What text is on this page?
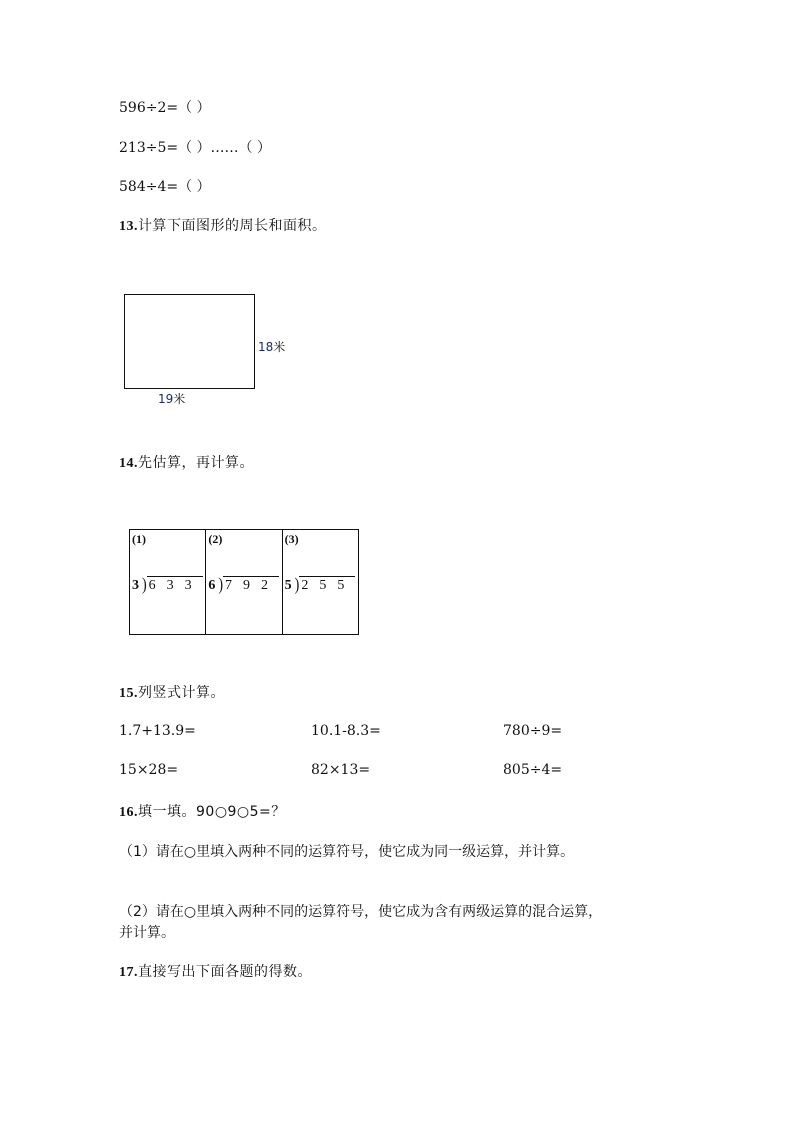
596÷2=（ ）
213÷5=（ ）……（ ）
584÷4=（ ）
13.计算下面图形的周长和面积。
18米
19米
14.先估算，再计算。
(1)
3 ) 6 3 3
(2)
6 ) 7 9 2
(3)
5 ) 2 5 5
15.列竖式计算。
1.7+13.9=	10.1-8.3=	780÷9=
15×28=	82×13=	805÷4=
16.填一填。90○9○5=？
（1）请在○里填入两种不同的运算符号，使它成为同一级运算，并计算。
（2）请在○里填入两种不同的运算符号，使它成为含有两级运算的混合运算，
并计算。
17.直接写出下面各题的得数。
